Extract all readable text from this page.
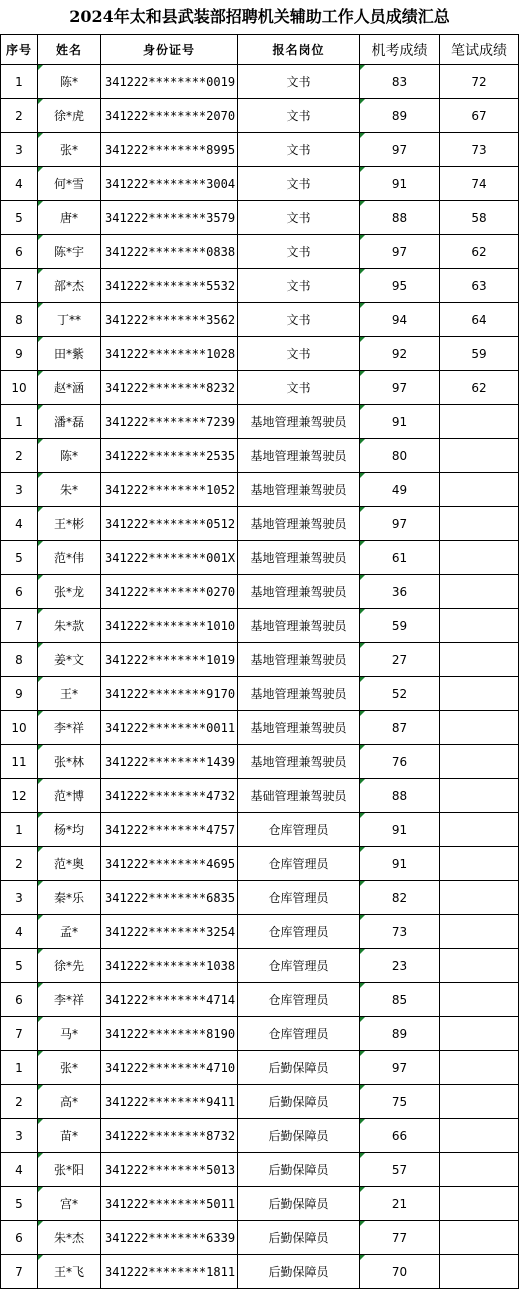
2024年太和县武装部招聘机关辅助工作人员成绩汇总
序号	姓名	身份证号	报名岗位	机考成绩	笔试成绩
1	陈*	341222********0019	文书	83	72
2	徐*虎	341222********2070	文书	89	67
3	张*	341222********8995	文书	97	73
4	何*雪	341222********3004	文书	91	74
5	唐*	341222********3579	文书	88	58
6	陈*宇	341222********0838	文书	97	62
7	部*杰	341222********5532	文书	95	63
8	丁**	341222********3562	文书	94	64
9	田*紫	341222********1028	文书	92	59
10	赵*涵	341222********8232	文书	97	62
1	潘*磊	341222********7239	基地管理兼驾驶员	91	
2	陈*	341222********2535	基地管理兼驾驶员	80	
3	朱*	341222********1052	基地管理兼驾驶员	49	
4	王*彬	341222********0512	基地管理兼驾驶员	97	
5	范*伟	341222********001X	基地管理兼驾驶员	61	
6	张*龙	341222********0270	基地管理兼驾驶员	36	
7	朱*款	341222********1010	基地管理兼驾驶员	59	
8	姜*文	341222********1019	基地管理兼驾驶员	27	
9	王*	341222********9170	基地管理兼驾驶员	52	
10	李*祥	341222********0011	基地管理兼驾驶员	87	
11	张*林	341222********1439	基地管理兼驾驶员	76	
12	范*博	341222********4732	基础管理兼驾驶员	88	
1	杨*均	341222********4757	仓库管理员	91	
2	范*奥	341222********4695	仓库管理员	91	
3	秦*乐	341222********6835	仓库管理员	82	
4	孟*	341222********3254	仓库管理员	73	
5	徐*先	341222********1038	仓库管理员	23	
6	李*祥	341222********4714	仓库管理员	85	
7	马*	341222********8190	仓库管理员	89	
1	张*	341222********4710	后勤保障员	97	
2	高*	341222********9411	后勤保障员	75	
3	苗*	341222********8732	后勤保障员	66	
4	张*阳	341222********5013	后勤保障员	57	
5	宫*	341222********5011	后勤保障员	21	
6	朱*杰	341222********6339	后勤保障员	77	
7	王*飞	341222********1811	后勤保障员	70	
